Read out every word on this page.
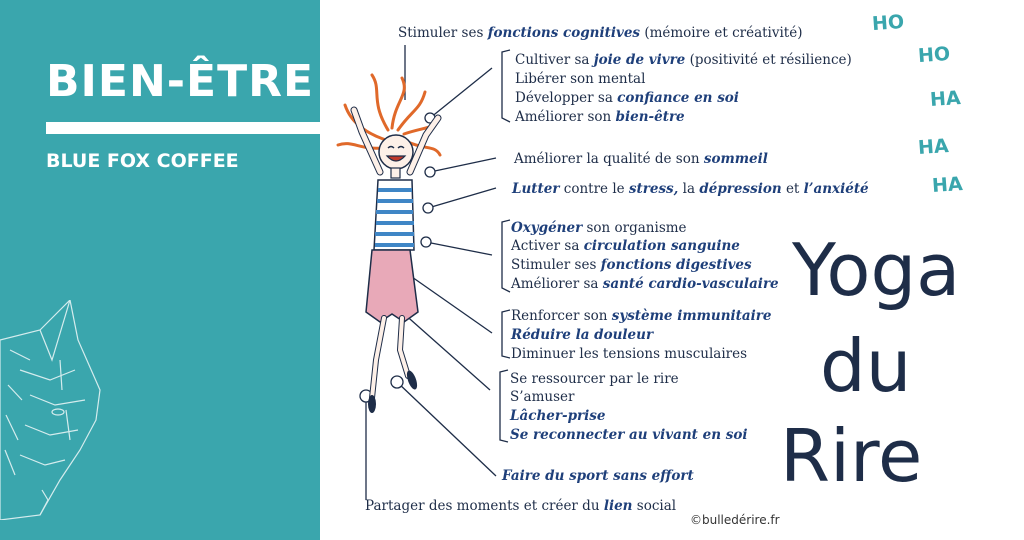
BIEN-ÊTRE
BLUE FOX COFFEE
Stimuler ses fonctions cognitives (mémoire et créativité)
Cultiver sa joie de vivre (positivité et résilience)
Libérer son mental
Développer sa confiance en soi
Améliorer son bien-être
Améliorer la qualité de son sommeil
Lutter contre le stress, la dépression et l’anxiété
Oxygéner son organisme
Activer sa circulation sanguine
Stimuler ses fonctions digestives
Améliorer sa santé cardio-vasculaire
Renforcer son système immunitaire
Réduire la douleur
Diminuer les tensions musculaires
Se ressourcer par le rire
S’amuser
Lâcher-prise
Se reconnecter au vivant en soi
Faire du sport sans effort
Partager des moments et créer du lien social
HO
HO
HA
HA
HA
Yoga
du
Rire
©bulledérire.fr
